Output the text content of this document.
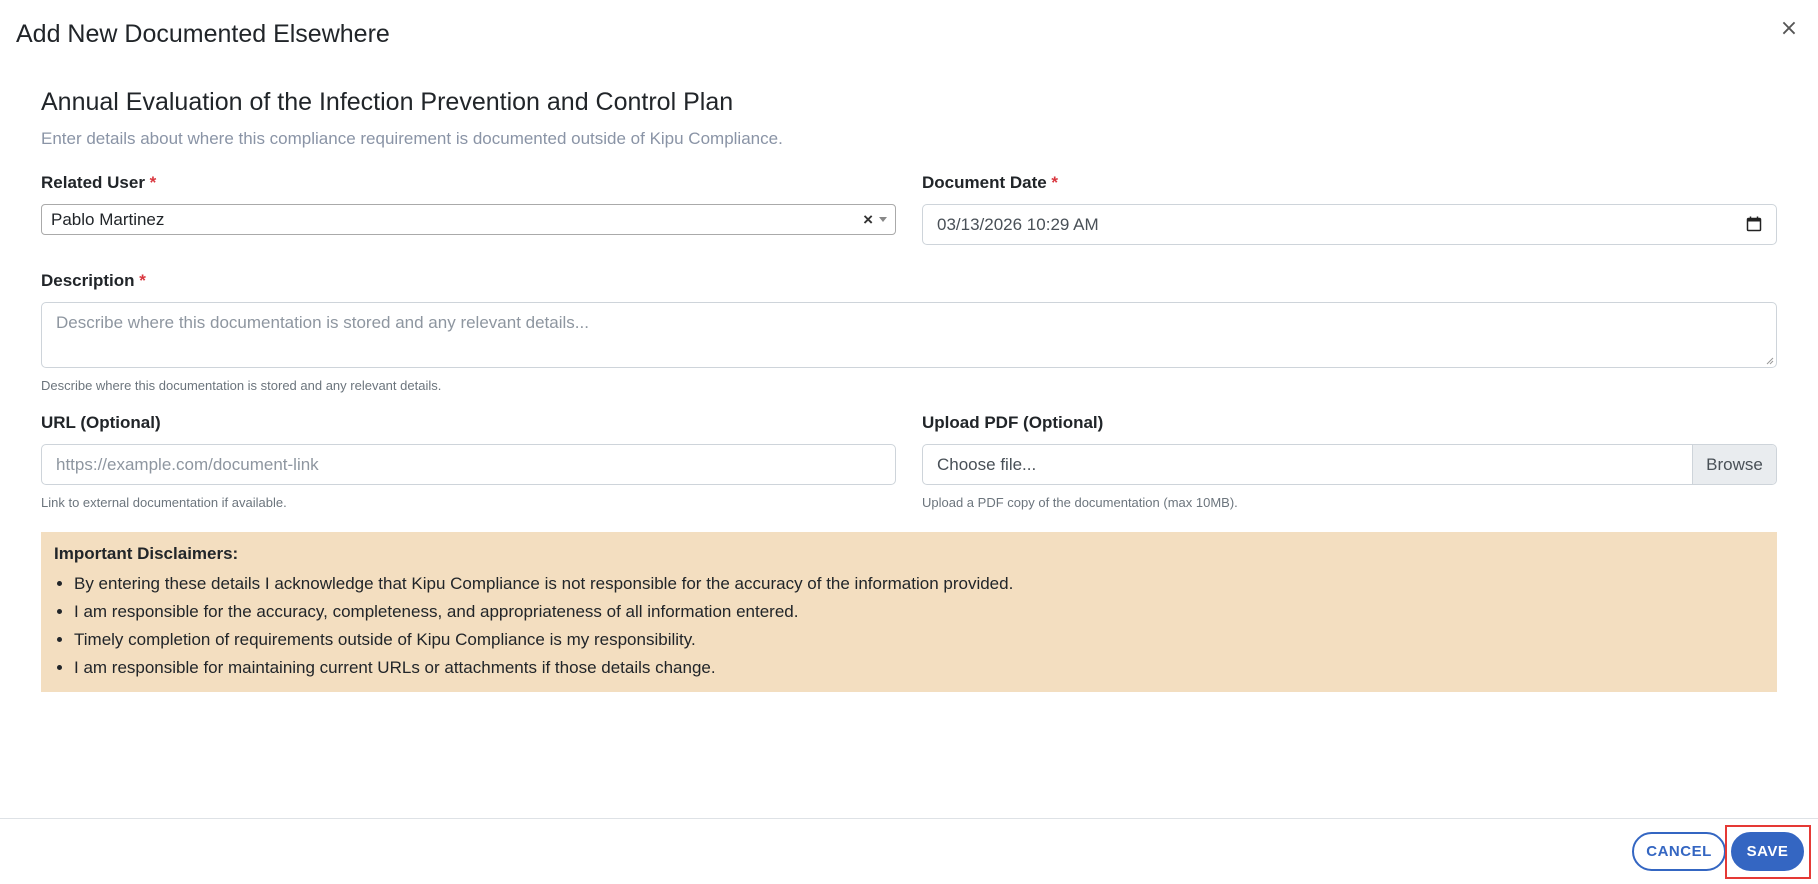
Add New Documented Elsewhere	×
Annual Evaluation of the Infection Prevention and Control Plan
Enter details about where this compliance requirement is documented outside of Kipu Compliance.
Related User *
Pablo Martinez	×
Document Date *
03/13/2026 10:29 AM
Description *
Describe where this documentation is stored and any relevant details...
Describe where this documentation is stored and any relevant details.
URL (Optional)
https://example.com/document-link
Link to external documentation if available.
Upload PDF (Optional)
Choose file...	Browse
Upload a PDF copy of the documentation (max 10MB).
Important Disclaimers:
• By entering these details I acknowledge that Kipu Compliance is not responsible for the accuracy of the information provided.
• I am responsible for the accuracy, completeness, and appropriateness of all information entered.
• Timely completion of requirements outside of Kipu Compliance is my responsibility.
• I am responsible for maintaining current URLs or attachments if those details change.
CANCEL	SAVE
